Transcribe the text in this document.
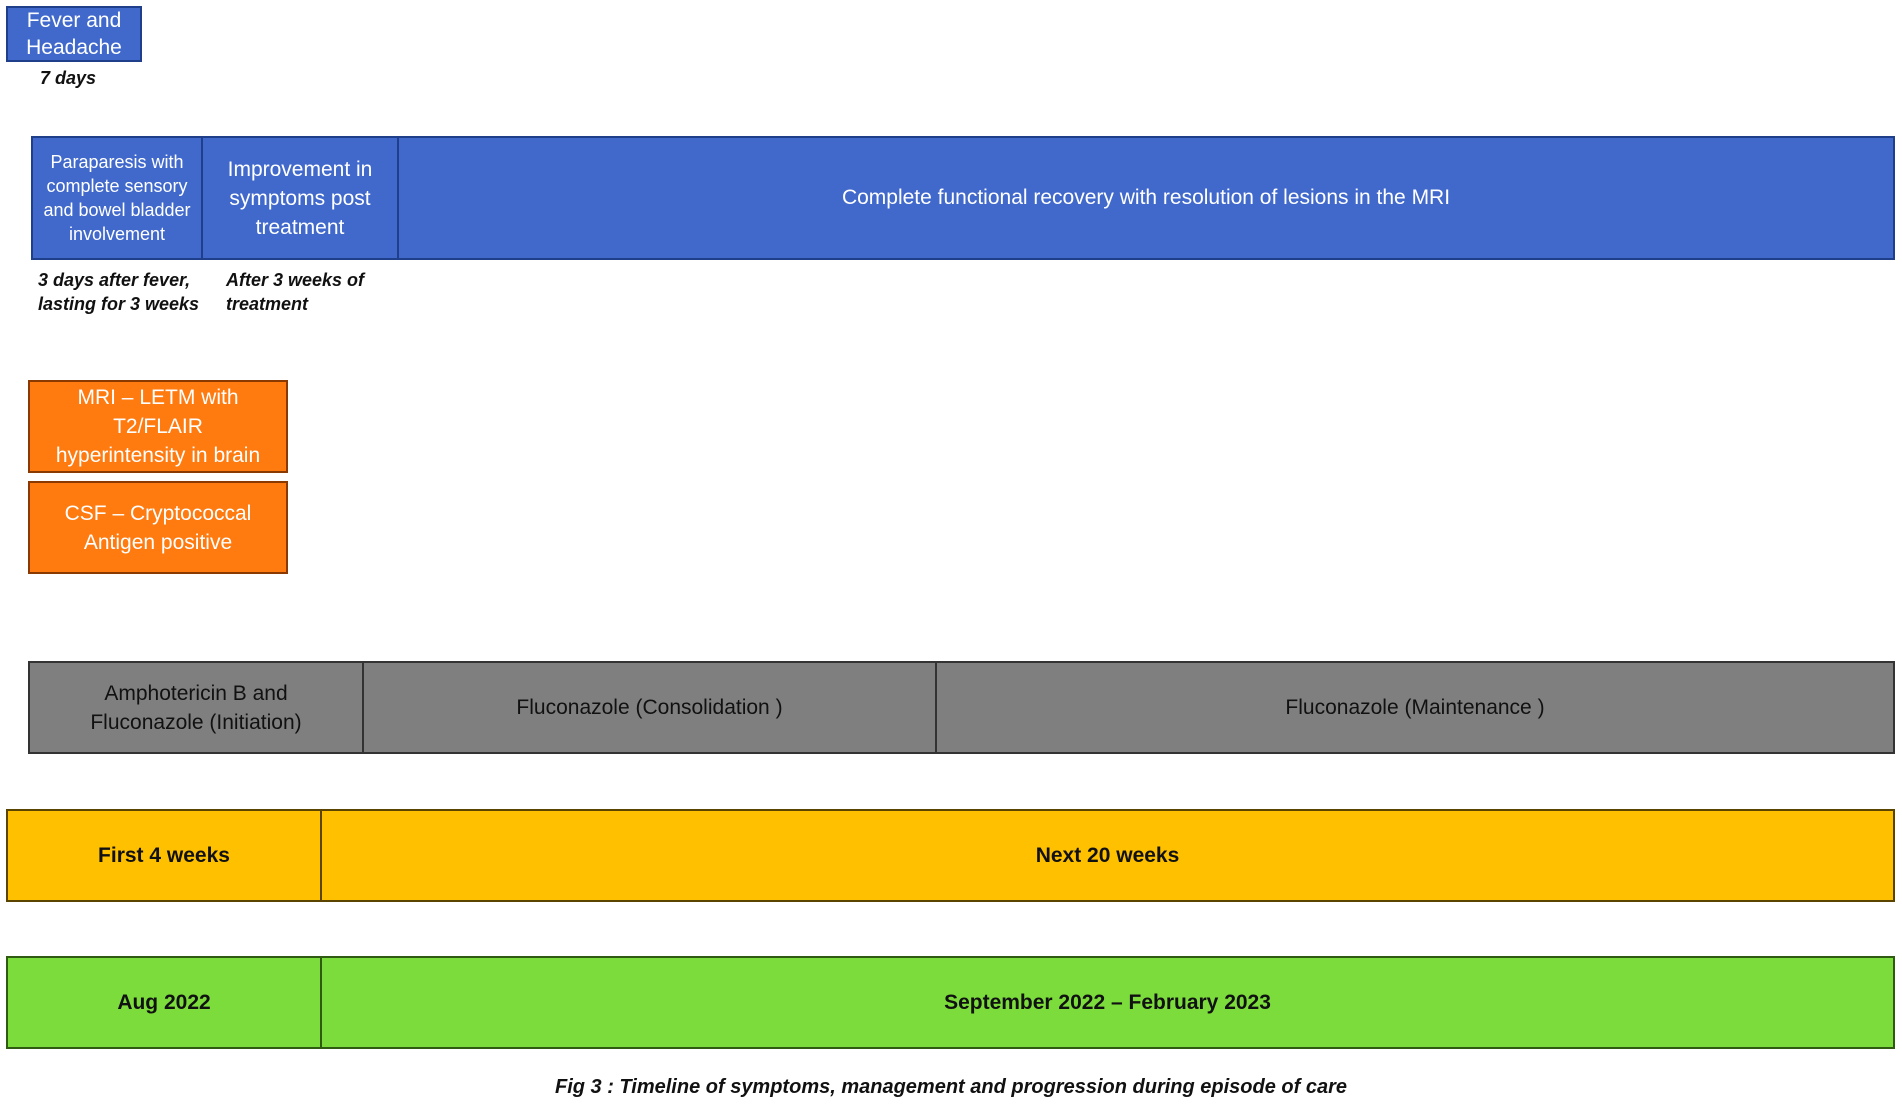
Fever and Headache
7 days
Paraparesis with complete sensory and bowel bladder involvement
3 days after fever, lasting for 3 weeks
Improvement in symptoms post treatment
After 3 weeks of treatment
Complete functional recovery with resolution of lesions in the MRI
MRI – LETM with T2/FLAIR hyperintensity in brain
CSF – Cryptococcal Antigen positive
Amphotericin B and Fluconazole (Initiation)
Fluconazole (Consolidation )	Fluconazole (Maintenance )
First 4 weeks	Next 20 weeks
Aug 2022	September 2022 – February 2023
Fig 3 : Timeline of symptoms, management and progression during episode of care
